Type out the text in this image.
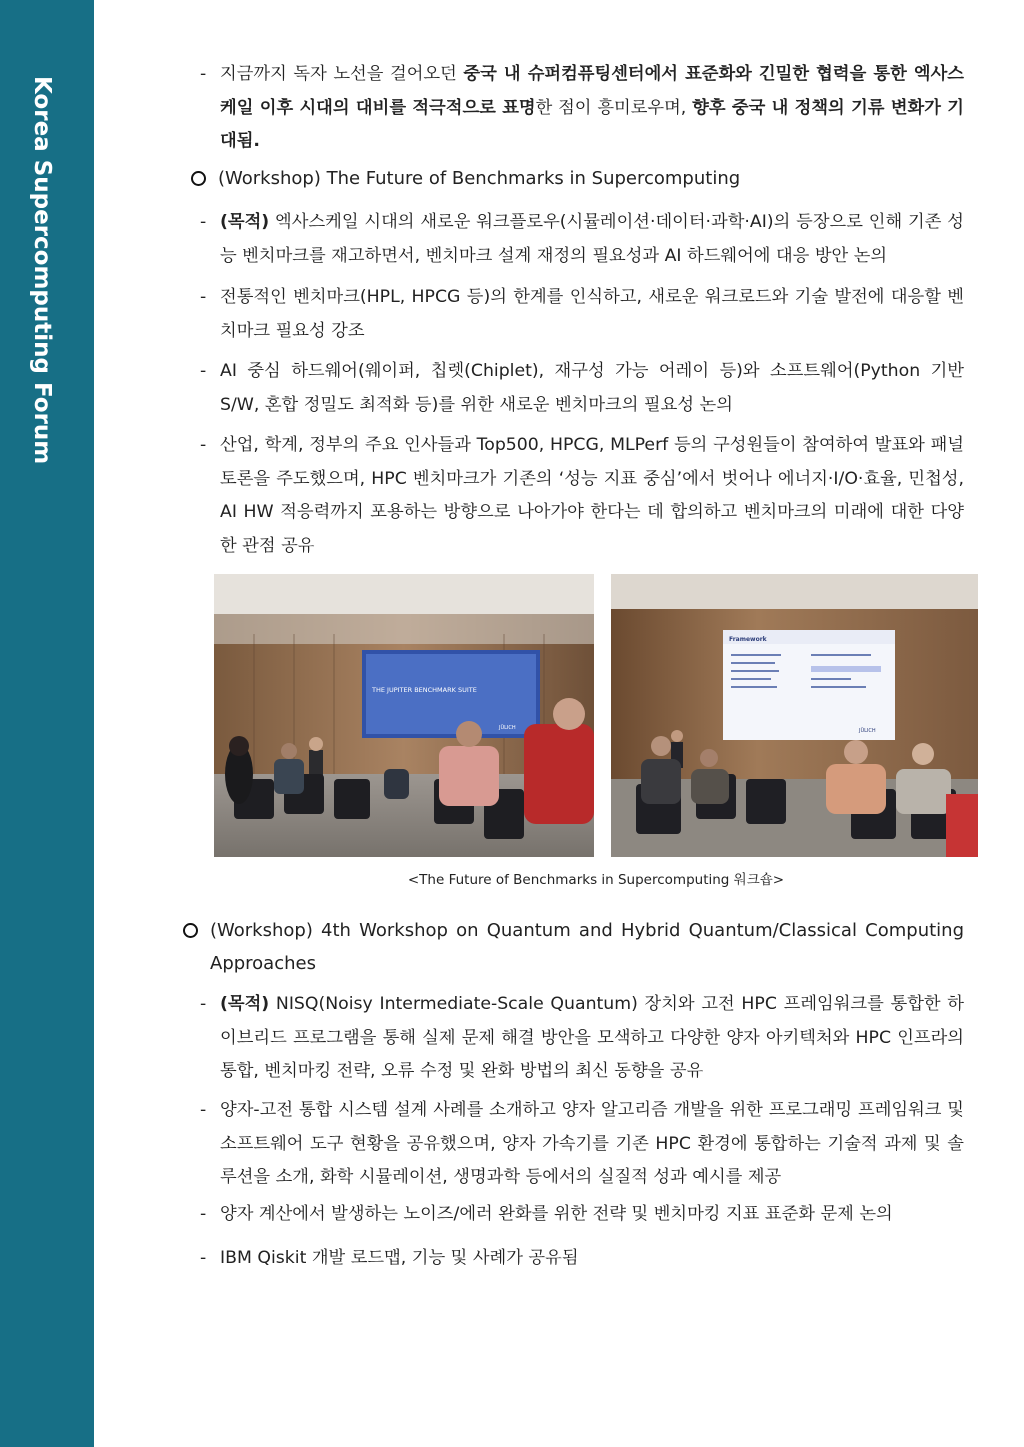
Korea Supercomputing Forum
- 지금까지 독자 노선을 걸어오던 중국 내 슈퍼컴퓨팅센터에서 표준화와 긴밀한 협력을 통한 엑사스케일 이후 시대의 대비를 적극적으로 표명한 점이 흥미로우며, 향후 중국 내 정책의 기류 변화가 기대됨.
(Workshop) The Future of Benchmarks in Supercomputing
- (목적) 엑사스케일 시대의 새로운 워크플로우(시뮬레이션·데이터·과학·AI)의 등장으로 인해 기존 성능 벤치마크를 재고하면서, 벤치마크 설계 재정의 필요성과 AI 하드웨어에 대응 방안 논의
- 전통적인 벤치마크(HPL, HPCG 등)의 한계를 인식하고, 새로운 워크로드와 기술 발전에 대응할 벤치마크 필요성 강조
- AI 중심 하드웨어(웨이퍼, 칩렛(Chiplet), 재구성 가능 어레이 등)와 소프트웨어(Python 기반 S/W, 혼합 정밀도 최적화 등)를 위한 새로운 벤치마크의 필요성 논의
- 산업, 학계, 정부의 주요 인사들과 Top500, HPCG, MLPerf 등의 구성원들이 참여하여 발표와 패널 토론을 주도했으며, HPC 벤치마크가 기존의 ‘성능 지표 중심’에서 벗어나 에너지·I/O·효율, 민첩성, AI HW 적응력까지 포용하는 방향으로 나아가야 한다는 데 합의하고 벤치마크의 미래에 대한 다양한 관점 공유
THE JUPITER BENCHMARK SUITE
JÜLICH
Framework
JÜLICH
<The Future of Benchmarks in Supercomputing 워크숍>
(Workshop) 4th Workshop on Quantum and Hybrid Quantum/Classical Computing Approaches
- (목적) NISQ(Noisy Intermediate-Scale Quantum) 장치와 고전 HPC 프레임워크를 통합한 하이브리드 프로그램을 통해 실제 문제 해결 방안을 모색하고 다양한 양자 아키텍처와 HPC 인프라의 통합, 벤치마킹 전략, 오류 수정 및 완화 방법의 최신 동향을 공유
- 양자-고전 통합 시스템 설계 사례를 소개하고 양자 알고리즘 개발을 위한 프로그래밍 프레임워크 및 소프트웨어 도구 현황을 공유했으며, 양자 가속기를 기존 HPC 환경에 통합하는 기술적 과제 및 솔루션을 소개, 화학 시뮬레이션, 생명과학 등에서의 실질적 성과 예시를 제공
- 양자 계산에서 발생하는 노이즈/에러 완화를 위한 전략 및 벤치마킹 지표 표준화 문제 논의
- IBM Qiskit 개발 로드맵, 기능 및 사례가 공유됨
